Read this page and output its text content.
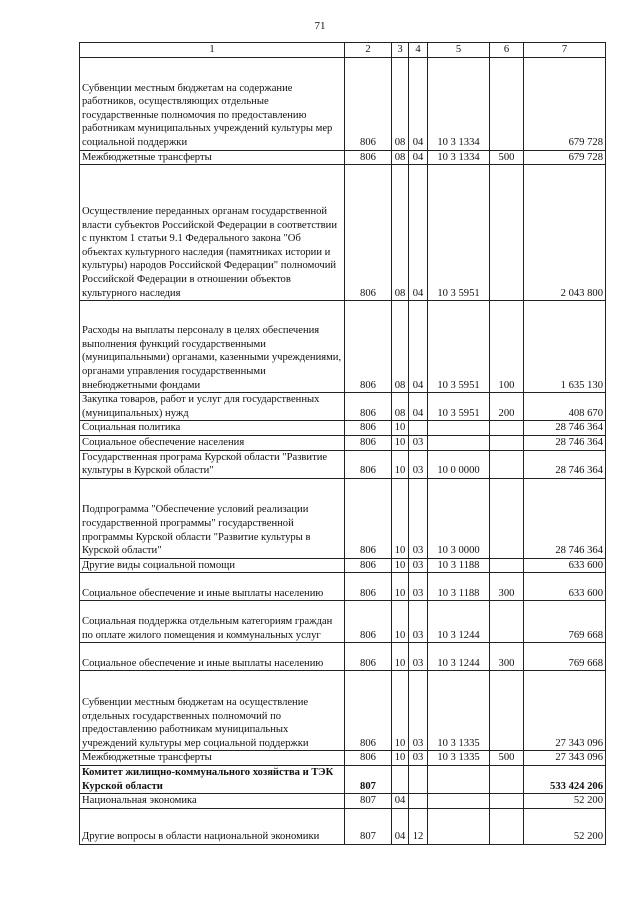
71
1	2	3	4	5	6	7
Субвенции местным бюджетам на содержание работников, осуществляющих отдельные государственные полномочия по предоставлению работникам муниципальных учреждений культуры мер социальной поддержки	806	08	04	10 3 1334		679 728
Межбюджетные трансферты	806	08	04	10 3 1334	500	679 728
Осуществление переданных органам государственной власти субъектов Российской Федерации в соответствии с пунктом 1 статьи 9.1 Федерального закона "Об объектах культурного наследия (памятниках истории и культуры) народов Российской Федерации" полномочий Российской Федерации в отношении объектов культурного наследия	806	08	04	10 3 5951		2 043 800
Расходы на выплаты персоналу в целях обеспечения выполнения функций государственными (муниципальными) органами, казенными учреждениями, органами управления государственными внебюджетными фондами	806	08	04	10 3 5951	100	1 635 130
Закупка товаров, работ и услуг для государственных (муниципальных) нужд	806	08	04	10 3 5951	200	408 670
Социальная политика	806	10				28 746 364
Социальное обеспечение населения	806	10	03			28 746 364
Государственная програма Курской области "Развитие культуры в Курской области"	806	10	03	10 0 0000		28 746 364
Подпрограмма "Обеспечение условий реализации государственной программы" государственной программы Курской области "Развитие культуры в Курской области"	806	10	03	10 3 0000		28 746 364
Другие виды социальной помощи	806	10	03	10 3 1188		633 600
Социальное обеспечение и иные выплаты населению	806	10	03	10 3 1188	300	633 600
Социальная поддержка отдельным категориям граждан по оплате жилого помещения и коммунальных услуг	806	10	03	10 3 1244		769 668
Социальное обеспечение и иные выплаты населению	806	10	03	10 3 1244	300	769 668
Субвенции местным бюджетам на осуществление отдельных государственных полномочий по предоставлению работникам муниципальных учреждений культуры мер социальной поддержки	806	10	03	10 3 1335		27 343 096
Межбюджетные трансферты	806	10	03	10 3 1335	500	27 343 096
Комитет жилищно-коммунального хозяйства и ТЭК Курской области	807					533 424 206
Национальная экономика	807	04				52 200
Другие вопросы в области национальной экономики	807	04	12			52 200
